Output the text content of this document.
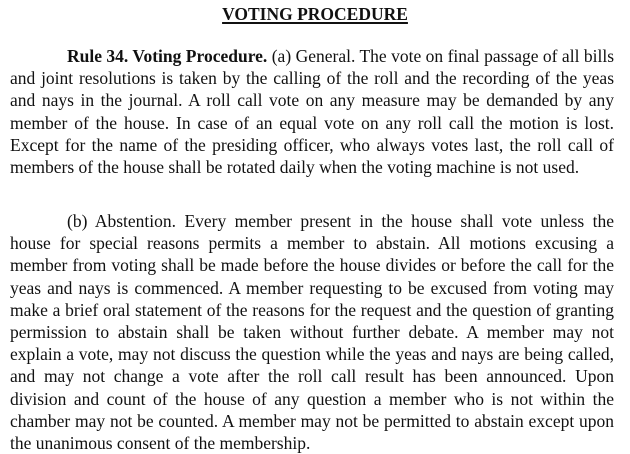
VOTING PROCEDURE

Rule 34. Voting Procedure. (a) General. The vote on final passage of all bills and joint resolutions is taken by the calling of the roll and the recording of the yeas and nays in the journal. A roll call vote on any measure may be demanded by any member of the house. In case of an equal vote on any roll call the motion is lost. Except for the name of the presiding officer, who always votes last, the roll call of members of the house shall be rotated daily when the voting machine is not used.

(b) Abstention. Every member present in the house shall vote unless the house for special reasons permits a member to abstain. All motions excusing a member from voting shall be made before the house divides or before the call for the yeas and nays is commenced. A member requesting to be excused from voting may make a brief oral statement of the reasons for the request and the question of granting permission to abstain shall be taken without further debate. A member may not explain a vote, may not discuss the question while the yeas and nays are being called, and may not change a vote after the roll call result has been announced. Upon division and count of the house of any question a member who is not within the chamber may not be counted. A member may not be permitted to abstain except upon the unanimous consent of the membership.
